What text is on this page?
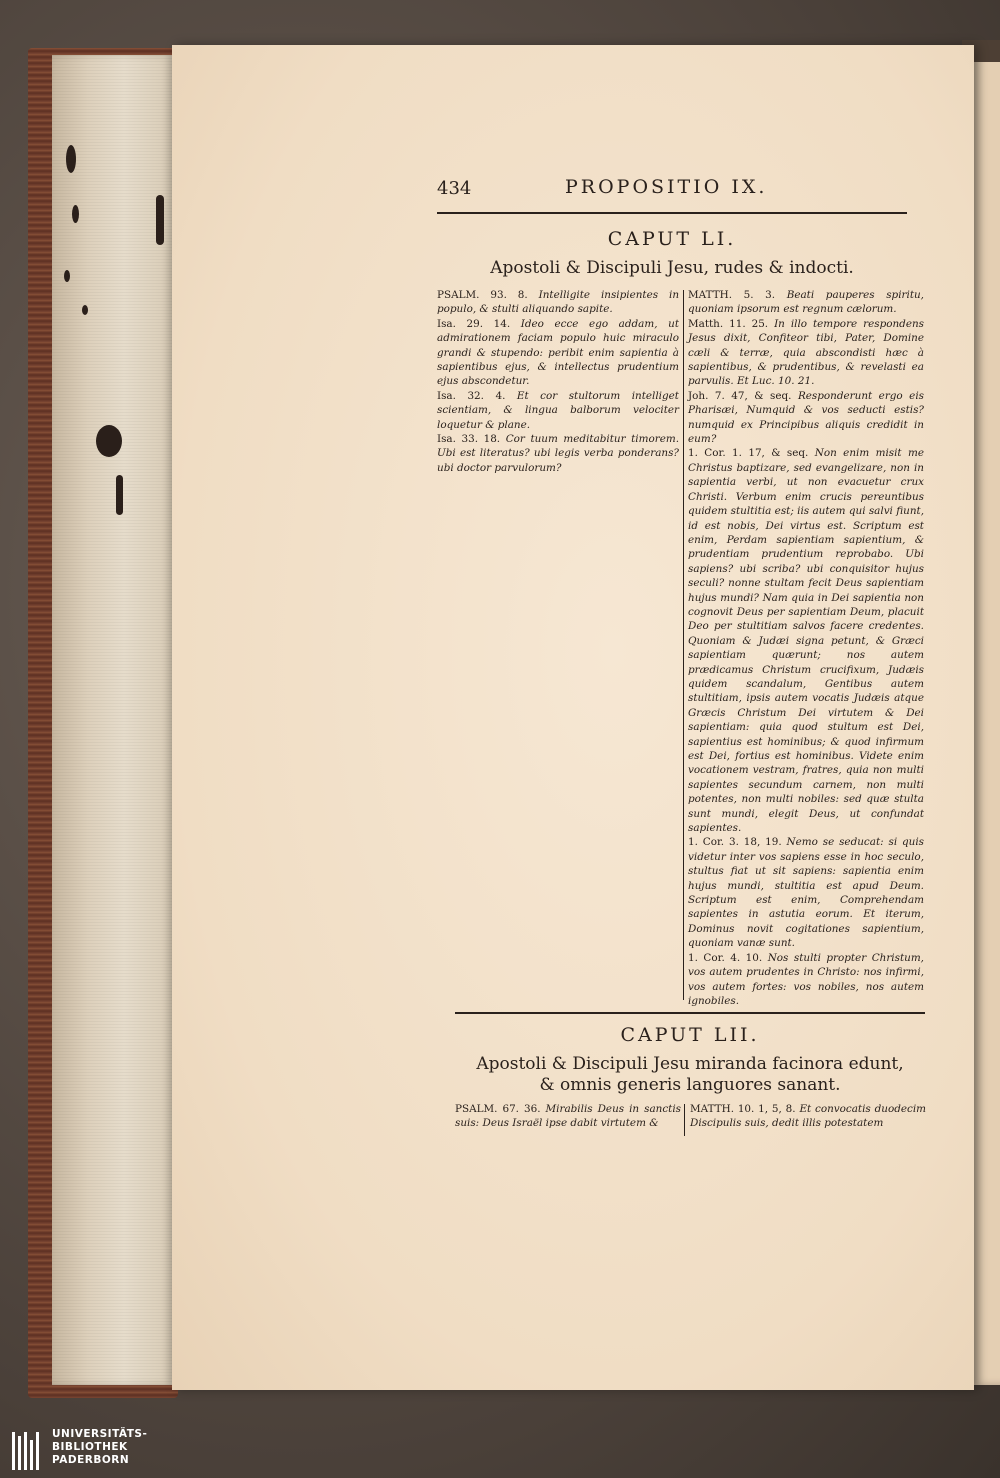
434	PROPOSITIO IX.
CAPUT LI.
Apostoli & Discipuli Jesu, rudes & indocti.

PSALM. 93. 8. Intelligite insipientes in populo, & stulti aliquando sapite.

Isa. 29. 14. Ideo ecce ego addam, ut admirationem faciam populo huic miraculo grandi & stupendo: peribit enim sapientia à sapientibus ejus, & intellectus prudentium ejus abscondetur.

Isa. 32. 4. Et cor stultorum intelliget scientiam, & lingua balborum velociter loquetur & plane.

Isa. 33. 18. Cor tuum meditabitur timorem. Ubi est literatus? ubi legis verba ponderans? ubi doctor parvulorum?

MATTH. 5. 3. Beati pauperes spiritu, quoniam ipsorum est regnum cælorum.

Matth. 11. 25. In illo tempore respondens Jesus dixit, Confiteor tibi, Pater, Domine cæli & terræ, quia abscondisti hæc à sapientibus, & prudentibus, & revelasti ea parvulis. Et Luc. 10. 21.

Joh. 7. 47, & seq. Responderunt ergo eis Pharisæi, Numquid & vos seducti estis? numquid ex Principibus aliquis credidit in eum?

1. Cor. 1. 17, & seq. Non enim misit me Christus baptizare, sed evangelizare, non in sapientia verbi, ut non evacuetur crux Christi. Verbum enim crucis pereuntibus quidem stultitia est; iis autem qui salvi fiunt, id est nobis, Dei virtus est. Scriptum est enim, Perdam sapientiam sapientium, & prudentiam prudentium reprobabo. Ubi sapiens? ubi scriba? ubi conquisitor hujus seculi? nonne stultam fecit Deus sapientiam hujus mundi? Nam quia in Dei sapientia non cognovit Deus per sapientiam Deum, placuit Deo per stultitiam salvos facere credentes. Quoniam & Judæi signa petunt, & Græci sapientiam quærunt; nos autem prædicamus Christum crucifixum, Judæis quidem scandalum, Gentibus autem stultitiam, ipsis autem vocatis Judæis atque Græcis Christum Dei virtutem & Dei sapientiam: quia quod stultum est Dei, sapientius est hominibus; & quod infirmum est Dei, fortius est hominibus. Videte enim vocationem vestram, fratres, quia non multi sapientes secundum carnem, non multi potentes, non multi nobiles: sed quæ stulta sunt mundi, elegit Deus, ut confundat sapientes.

1. Cor. 3. 18, 19. Nemo se seducat: si quis videtur inter vos sapiens esse in hoc seculo, stultus fiat ut sit sapiens: sapientia enim hujus mundi, stultitia est apud Deum. Scriptum est enim, Comprehendam sapientes in astutia eorum. Et iterum, Dominus novit cogitationes sapientium, quoniam vanæ sunt.

1. Cor. 4. 10. Nos stulti propter Christum, vos autem prudentes in Christo: nos infirmi, vos autem fortes: vos nobiles, nos autem ignobiles.

CAPUT LII.
Apostoli & Discipuli Jesu miranda facinora edunt,
& omnis generis languores sanant.

PSALM. 67. 36. Mirabilis Deus in sanctis suis: Deus Israël ipse dabit virtutem &

MATTH. 10. 1, 5, 8. Et convocatis duodecim Discipulis suis, dedit illis potestatem

UNIVERSITÄTS-
BIBLIOTHEK
PADERBORN
